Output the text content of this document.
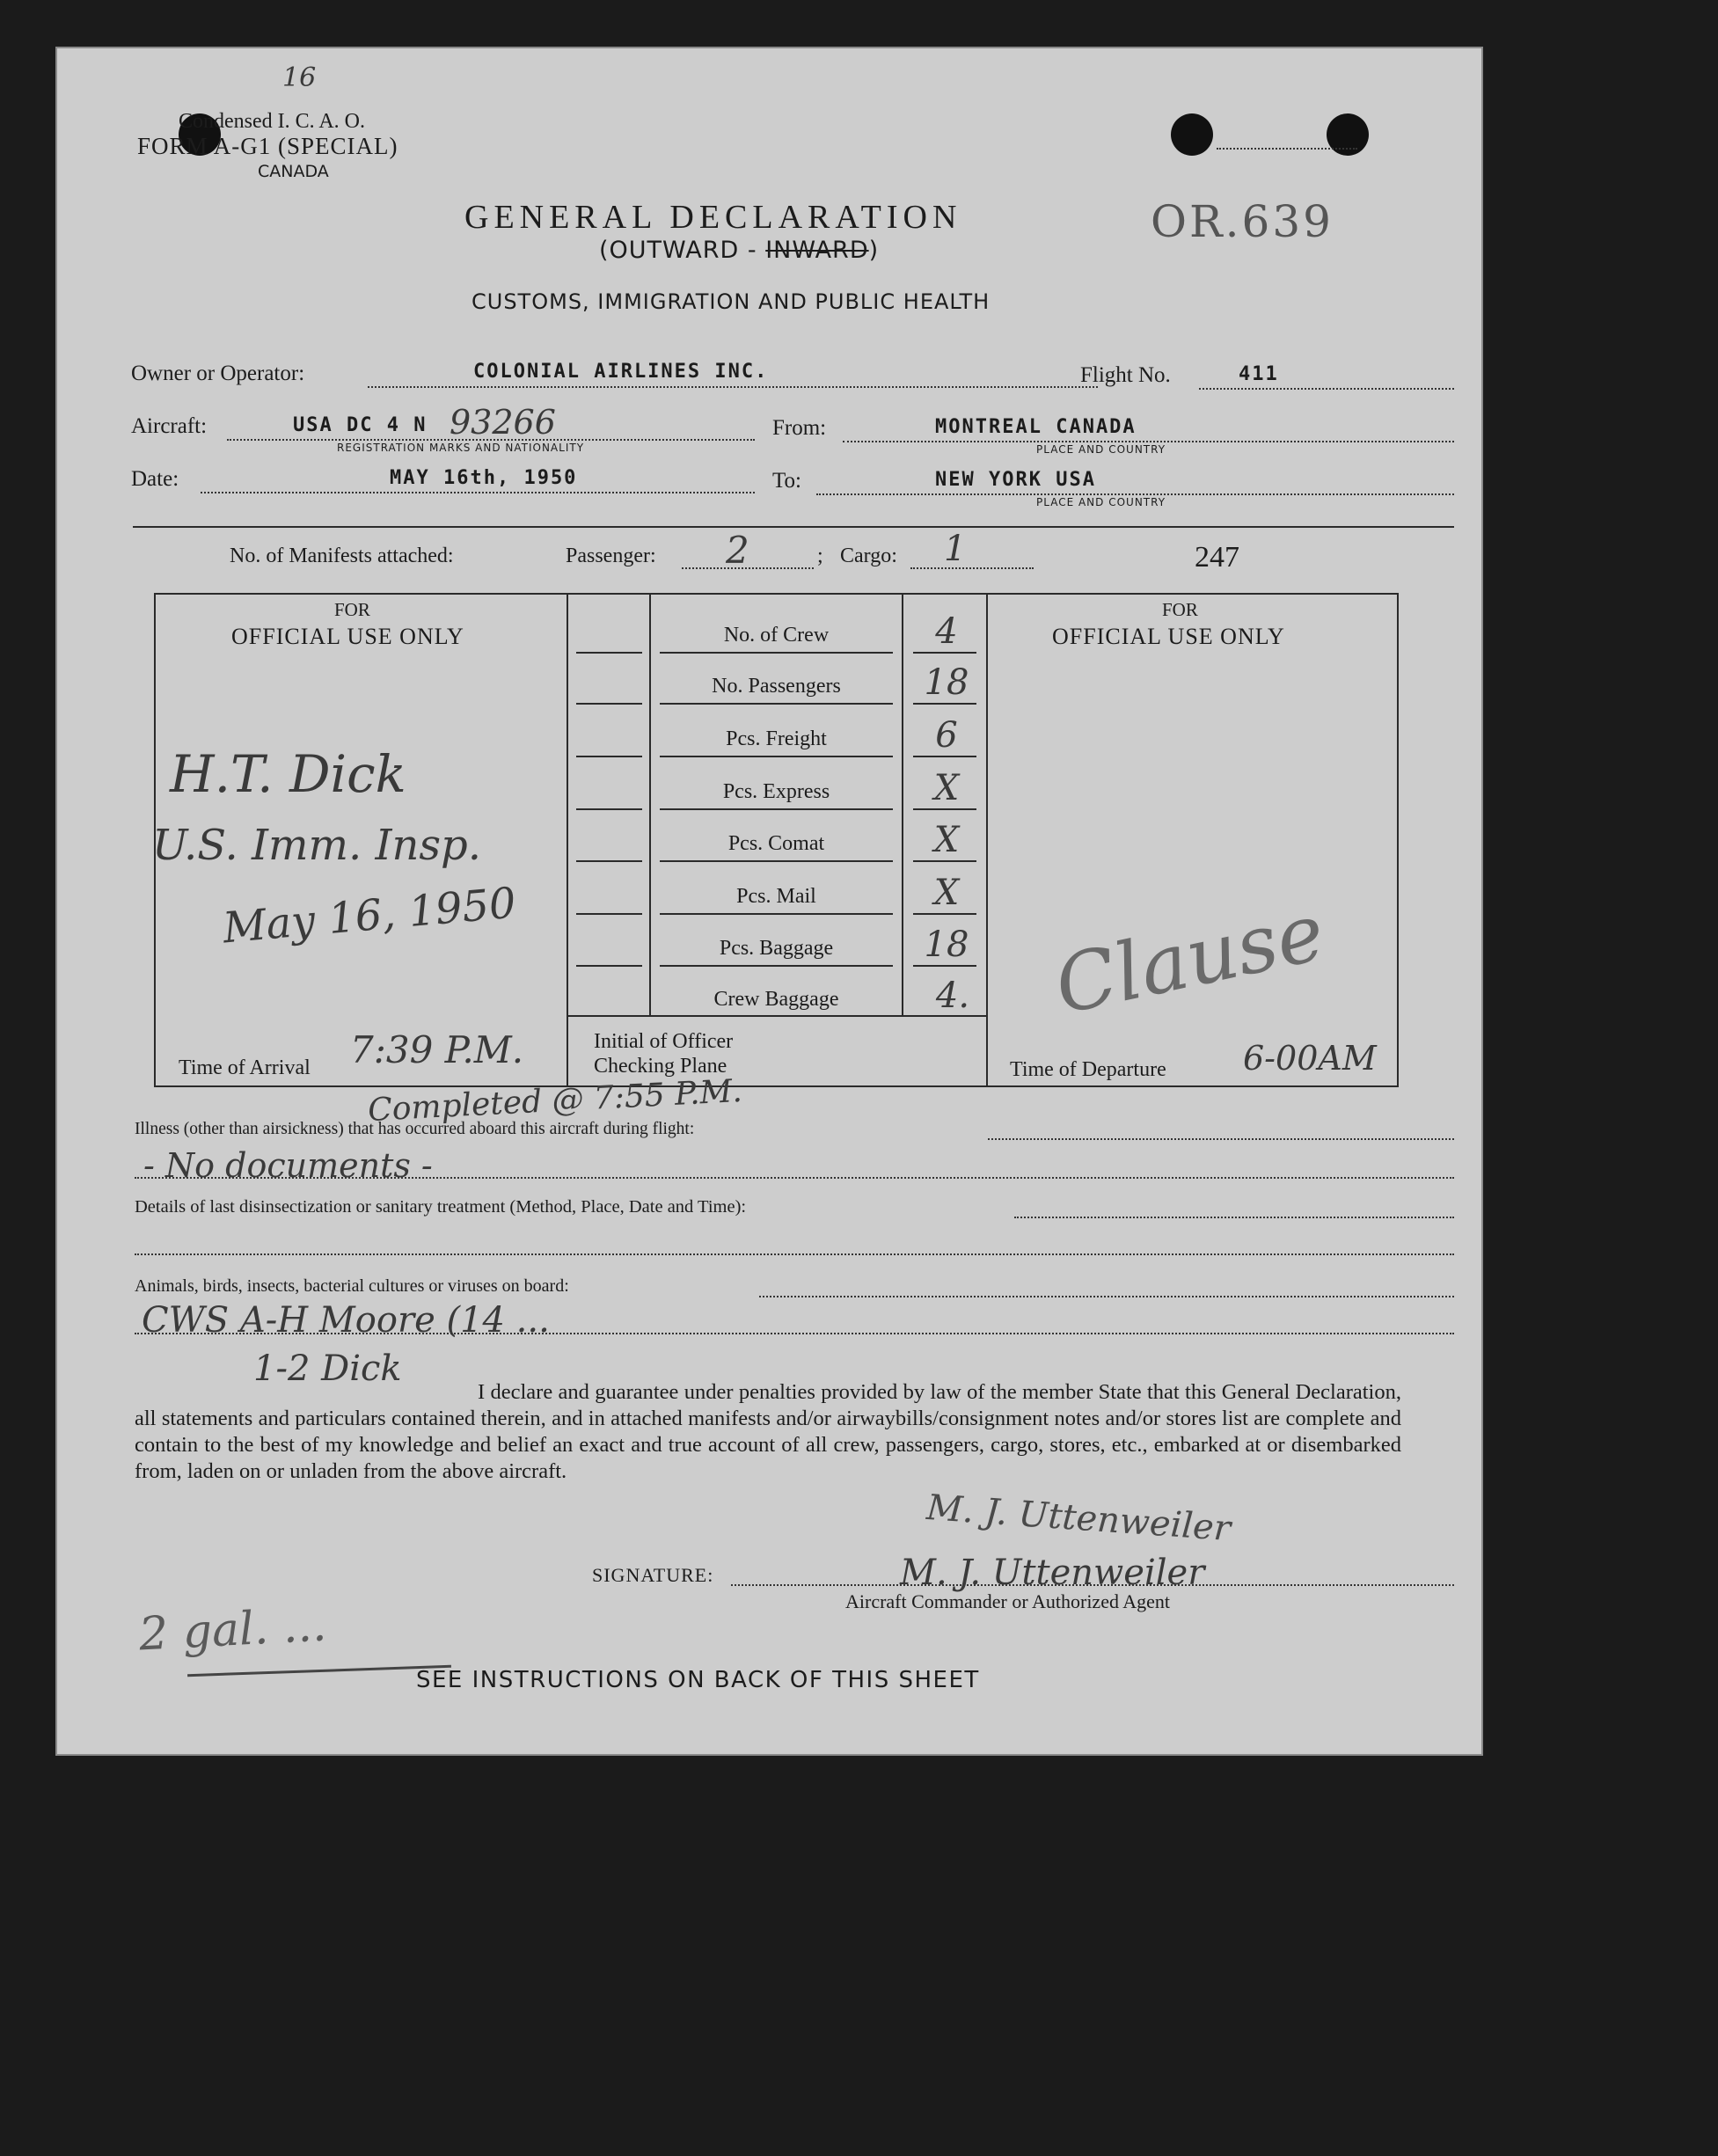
16
Condensed I. C. A. O.
FORM A-G1 (SPECIAL)
CANADA
OR.639
GENERAL DECLARATION
(OUTWARD - INWARD)
CUSTOMS, IMMIGRATION AND PUBLIC HEALTH
Owner or Operator:	COLONIAL AIRLINES INC.	Flight No.	411
Aircraft:	USA DC 4 N 93266
REGISTRATION MARKS AND NATIONALITY
From:	MONTREAL CANADA
PLACE AND COUNTRY
Date:	MAY 16th, 1950	To:	NEW YORK USA
PLACE AND COUNTRY
No. of Manifests attached:	Passenger: 2	; Cargo: 1	247
FOR
OFFICIAL USE ONLY
H.T. Dick
U.S. Imm. Insp.
May 16, 1950
Time of Arrival 7:39 P.M.	Initial of Officer
Checking Plane
No. of Crew	4
No. Passengers	18
Pcs. Freight	6
Pcs. Express	X
Pcs. Comat	X
Pcs. Mail	X
Pcs. Baggage	18
Crew Baggage	4.
FOR
OFFICIAL USE ONLY
Clause
Time of Departure 6-00AM
Completed @ 7:55 P.M.
Illness (other than airsickness) that has occurred aboard this aircraft during flight:
- No documents -
Details of last disinsectization or sanitary treatment (Method, Place, Date and Time):
Animals, birds, insects, bacterial cultures or viruses on board:
CWS A-H Moore (14 ...
1-2 Dick
I declare and guarantee under penalties provided by law of the member State that this General Declaration, all statements and particulars contained therein, and in attached manifests and/or airwaybills/consignment notes and/or stores list are complete and contain to the best of my knowledge and belief an exact and true account of all crew, passengers, cargo, stores, etc., embarked at or disembarked from, laden on or unladen from the above aircraft.
M. J. Uttenweiler
SIGNATURE:	M. J. Uttenweiler
Aircraft Commander or Authorized Agent
2 gal. ...
SEE INSTRUCTIONS ON BACK OF THIS SHEET
